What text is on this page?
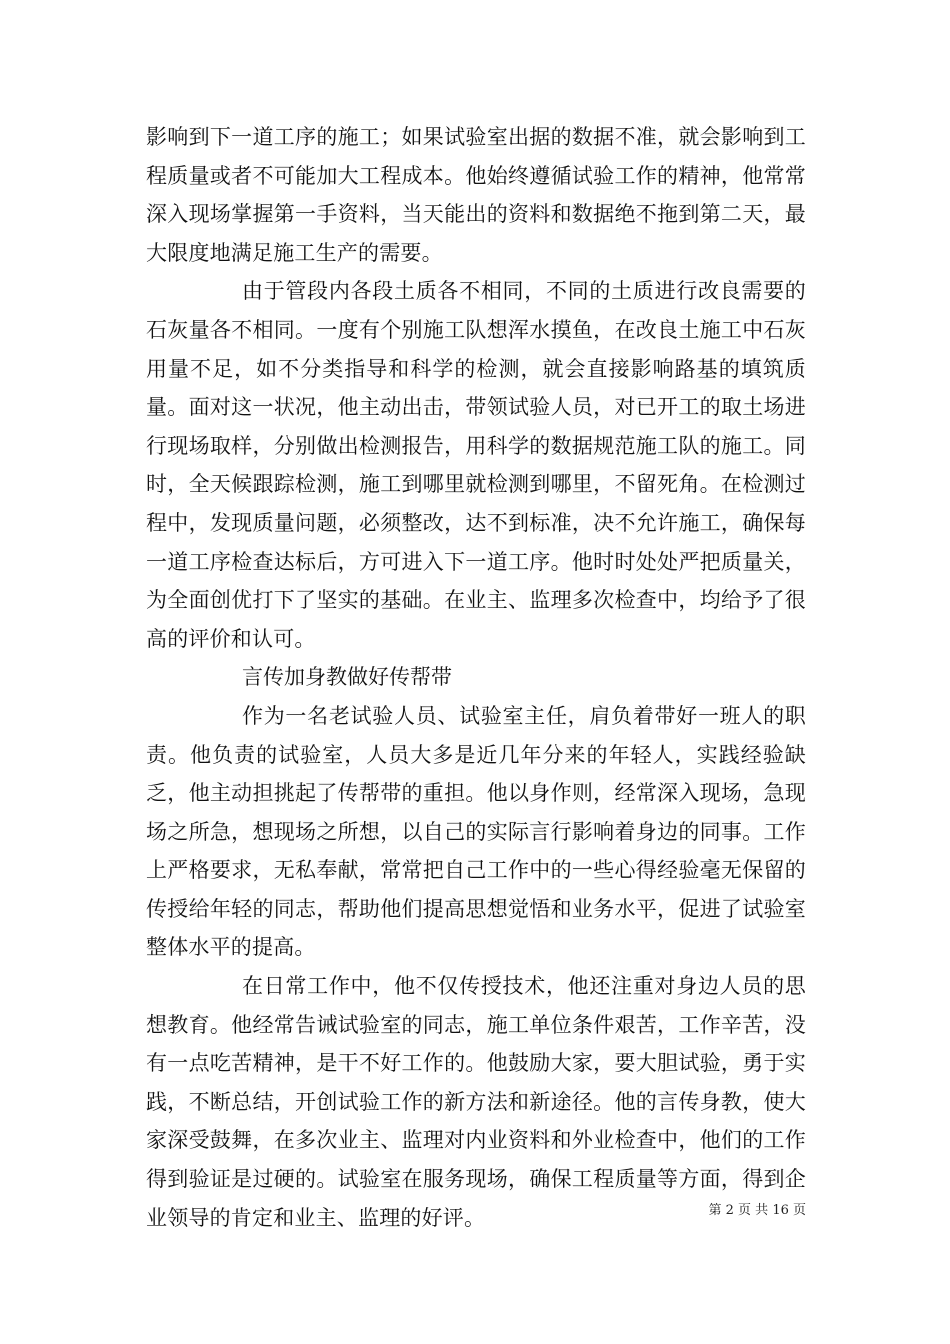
影响到下一道工序的施工；如果试验室出据的数据不准，就会影响到工程质量或者不可能加大工程成本。他始终遵循试验工作的精神，他常常深入现场掌握第一手资料，当天能出的资料和数据绝不拖到第二天，最大限度地满足施工生产的需要。

由于管段内各段土质各不相同，不同的土质进行改良需要的石灰量各不相同。一度有个别施工队想浑水摸鱼，在改良土施工中石灰用量不足，如不分类指导和科学的检测，就会直接影响路基的填筑质量。面对这一状况，他主动出击，带领试验人员，对已开工的取土场进行现场取样，分别做出检测报告，用科学的数据规范施工队的施工。同时，全天候跟踪检测，施工到哪里就检测到哪里，不留死角。在检测过程中，发现质量问题，必须整改，达不到标准，决不允许施工，确保每一道工序检查达标后，方可进入下一道工序。他时时处处严把质量关，为全面创优打下了坚实的基础。在业主、监理多次检查中，均给予了很高的评价和认可。

言传加身教做好传帮带

作为一名老试验人员、试验室主任，肩负着带好一班人的职责。他负责的试验室，人员大多是近几年分来的年轻人，实践经验缺乏，他主动担挑起了传帮带的重担。他以身作则，经常深入现场，急现场之所急，想现场之所想，以自己的实际言行影响着身边的同事。工作上严格要求，无私奉献，常常把自己工作中的一些心得经验毫无保留的传授给年轻的同志，帮助他们提高思想觉悟和业务水平，促进了试验室整体水平的提高。

在日常工作中，他不仅传授技术，他还注重对身边人员的思想教育。他经常告诫试验室的同志，施工单位条件艰苦，工作辛苦，没有一点吃苦精神，是干不好工作的。他鼓励大家，要大胆试验，勇于实践，不断总结，开创试验工作的新方法和新途径。他的言传身教，使大家深受鼓舞，在多次业主、监理对内业资料和外业检查中，他们的工作得到验证是过硬的。试验室在服务现场，确保工程质量等方面，得到企业领导的肯定和业主、监理的好评。	第 2 页 共 16 页
